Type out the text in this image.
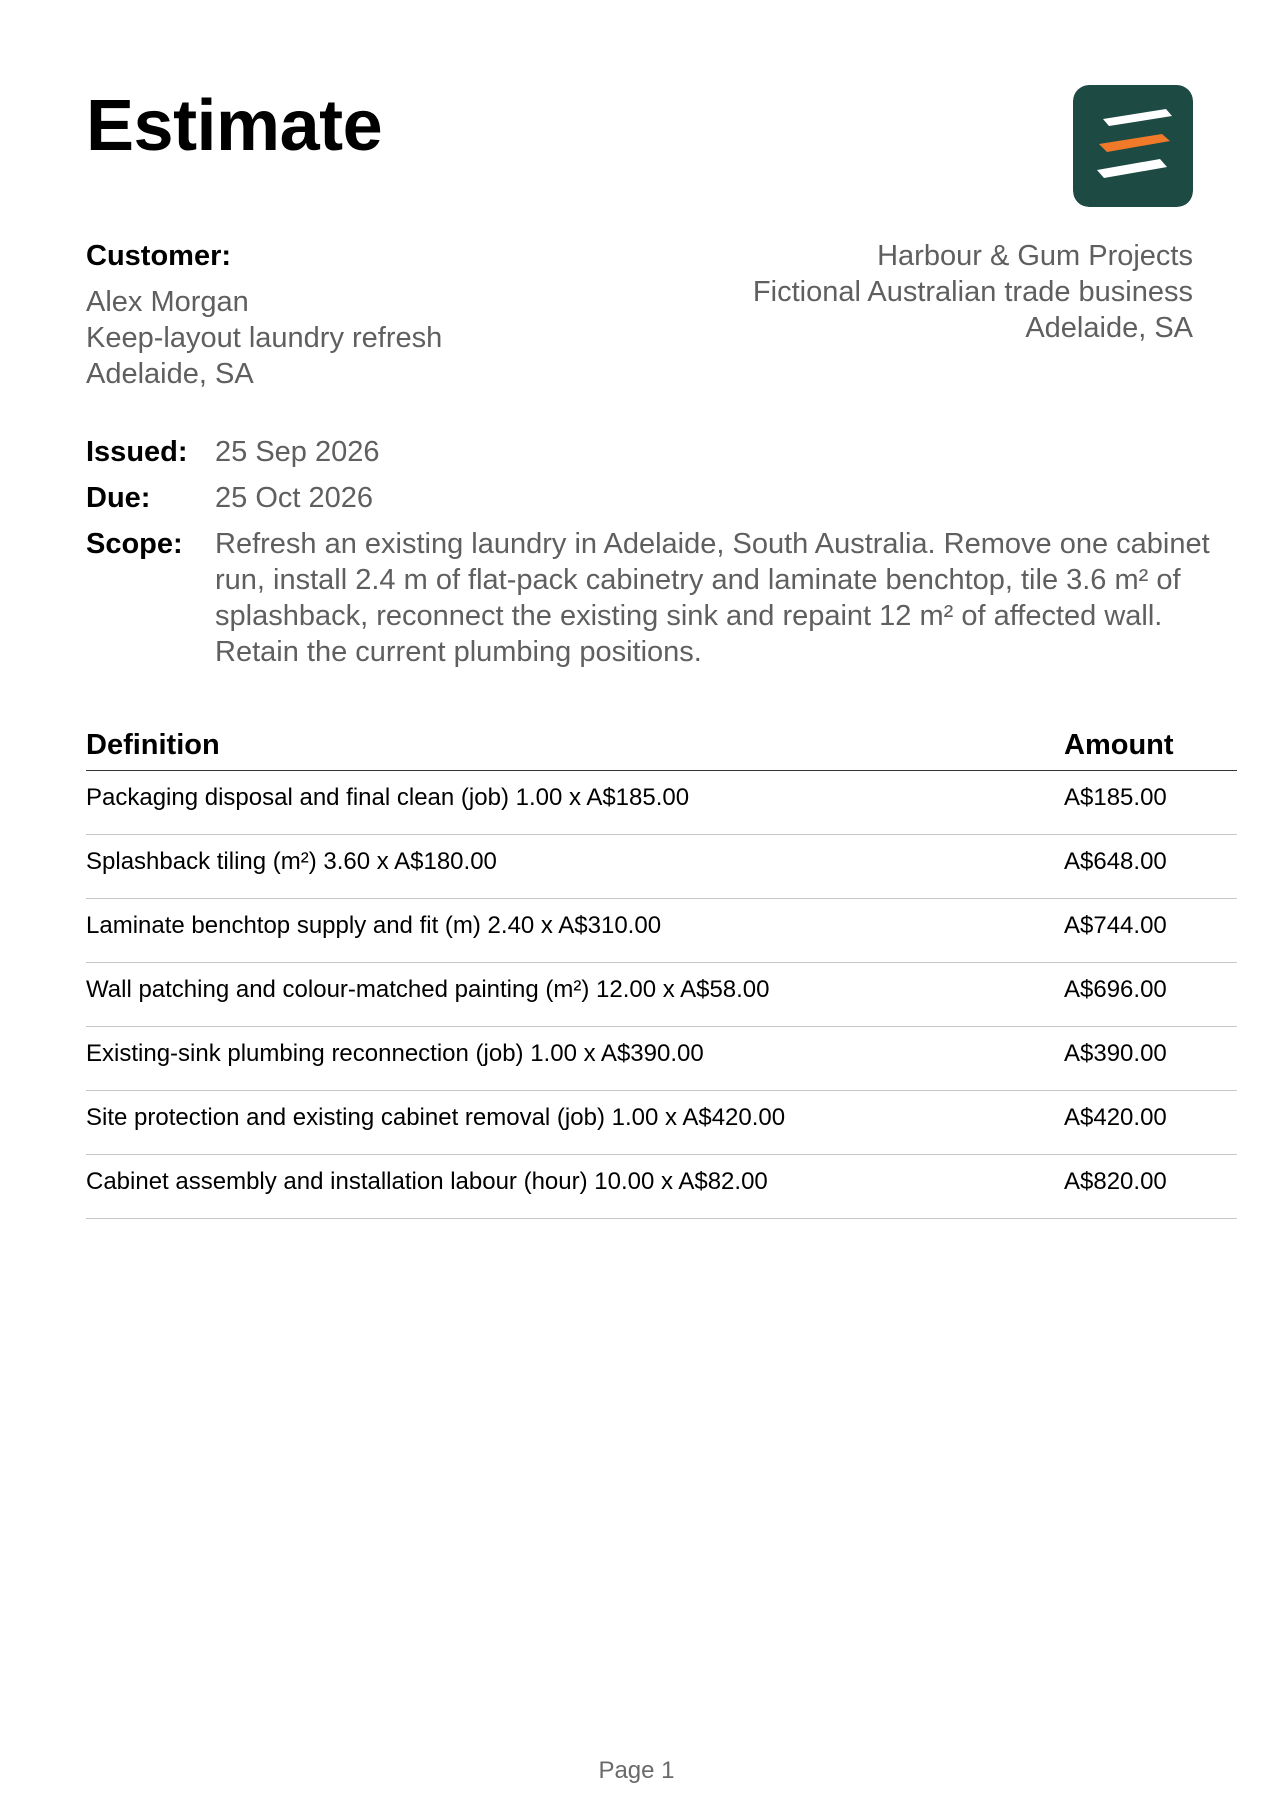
Estimate
Customer:
Alex Morgan
Keep-layout laundry refresh
Adelaide, SA
Harbour & Gum Projects
Fictional Australian trade business
Adelaide, SA
Issued: 25 Sep 2026
Due:	25 Oct 2026
Scope:	Refresh an existing laundry in Adelaide, South Australia. Remove one cabinet run, install 2.4 m of flat-pack cabinetry and laminate benchtop, tile 3.6 m² of splashback, reconnect the existing sink and repaint 12 m² of affected wall. Retain the current plumbing positions.
Definition	Amount
Packaging disposal and final clean (job) 1.00 x A$185.00	A$185.00
Splashback tiling (m²) 3.60 x A$180.00	A$648.00
Laminate benchtop supply and fit (m) 2.40 x A$310.00	A$744.00
Wall patching and colour-matched painting (m²) 12.00 x A$58.00	A$696.00
Existing-sink plumbing reconnection (job) 1.00 x A$390.00	A$390.00
Site protection and existing cabinet removal (job) 1.00 x A$420.00	A$420.00
Cabinet assembly and installation labour (hour) 10.00 x A$82.00	A$820.00
Page 1
